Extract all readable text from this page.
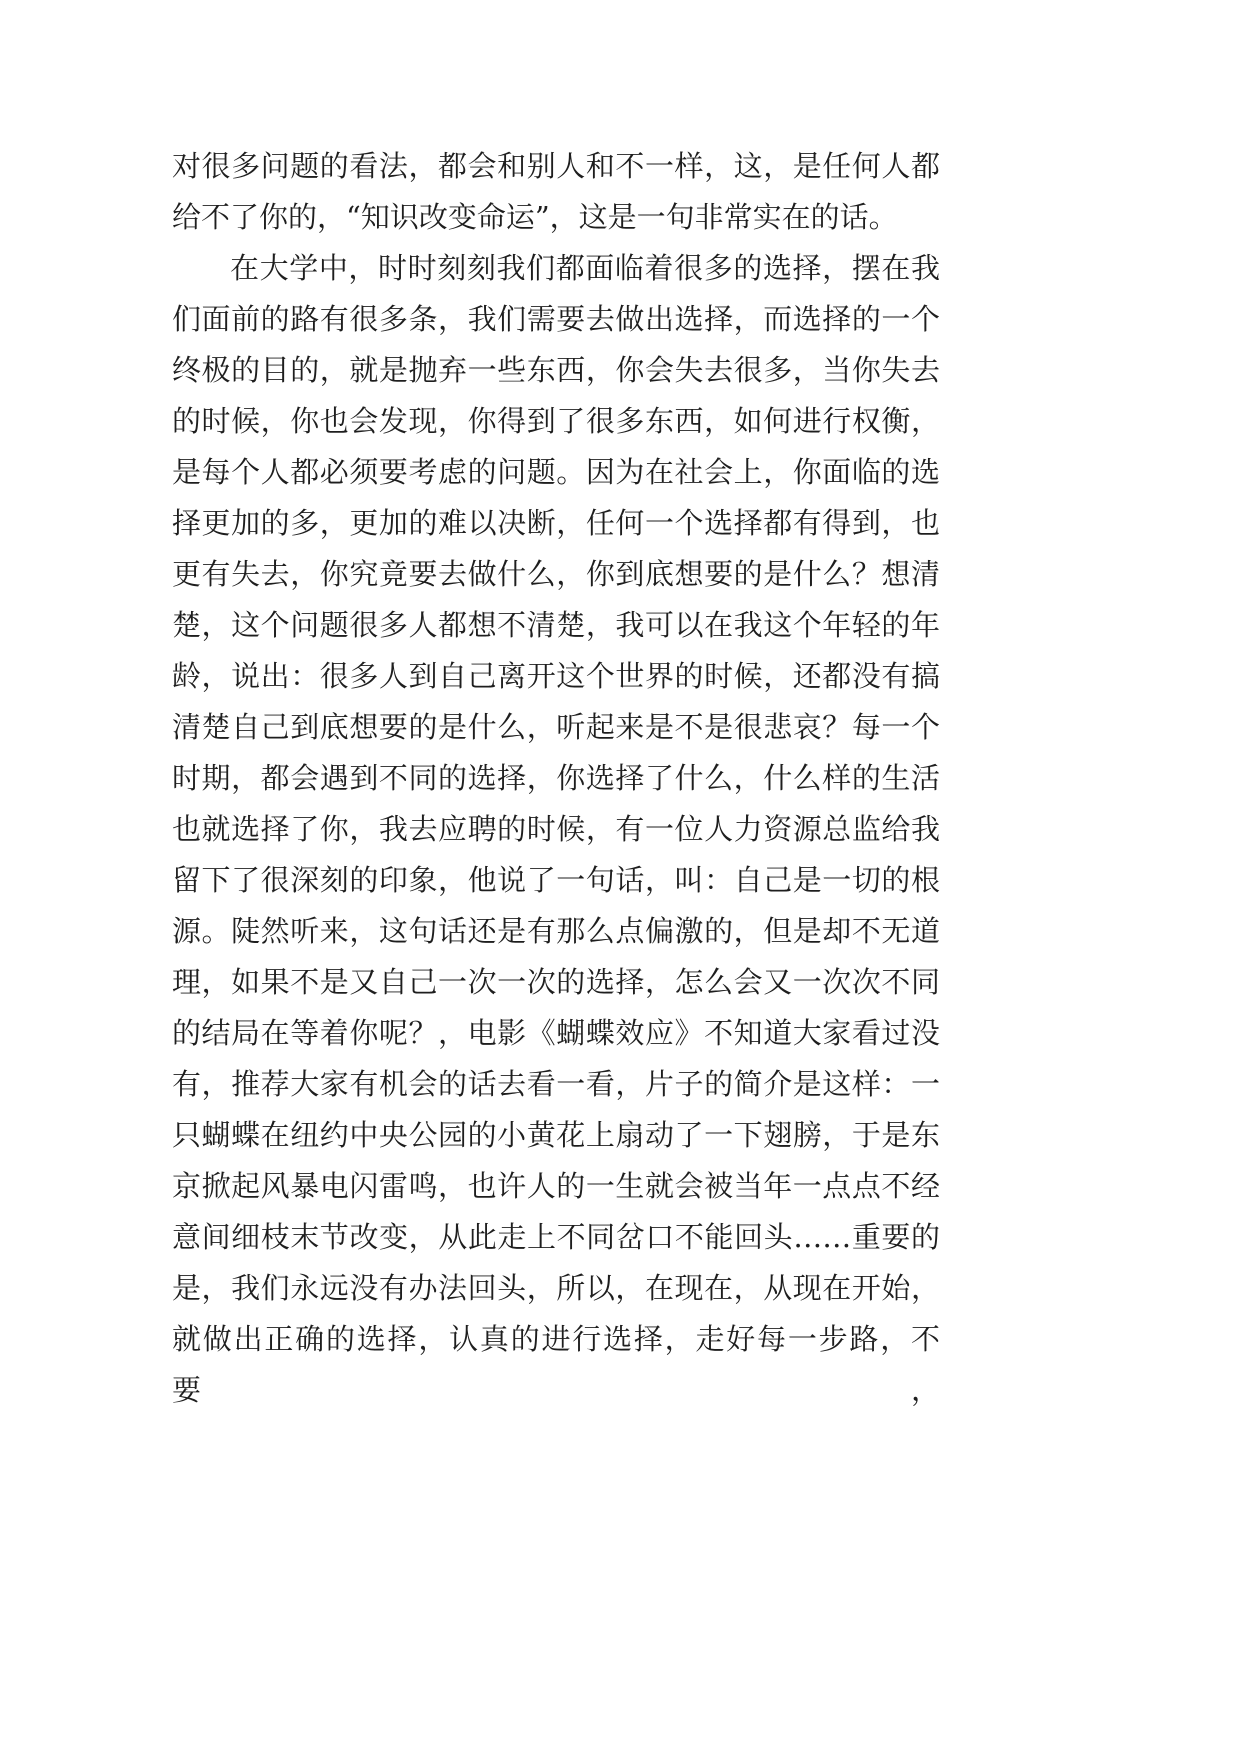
对很多问题的看法，都会和别人和不一样，这，是任何人都
给不了你的，“知识改变命运”，这是一句非常实在的话。
在大学中，时时刻刻我们都面临着很多的选择，摆在我
们面前的路有很多条，我们需要去做出选择，而选择的一个
终极的目的，就是抛弃一些东西，你会失去很多，当你失去
的时候，你也会发现，你得到了很多东西，如何进行权衡，
是每个人都必须要考虑的问题。因为在社会上，你面临的选
择更加的多，更加的难以决断，任何一个选择都有得到，也
更有失去，你究竟要去做什么，你到底想要的是什么？想清
楚，这个问题很多人都想不清楚，我可以在我这个年轻的年
龄，说出：很多人到自己离开这个世界的时候，还都没有搞
清楚自己到底想要的是什么，听起来是不是很悲哀？每一个
时期，都会遇到不同的选择，你选择了什么，什么样的生活
也就选择了你，我去应聘的时候，有一位人力资源总监给我
留下了很深刻的印象，他说了一句话，叫：自己是一切的根
源。陡然听来，这句话还是有那么点偏激的，但是却不无道
理，如果不是又自己一次一次的选择，怎么会又一次次不同
的结局在等着你呢？，电影《蝴蝶效应》不知道大家看过没
有，推荐大家有机会的话去看一看，片子的简介是这样：一
只蝴蝶在纽约中央公园的小黄花上扇动了一下翅膀，于是东
京掀起风暴电闪雷鸣，也许人的一生就会被当年一点点不经
意间细枝末节改变，从此走上不同岔口不能回头……重要的
是，我们永远没有办法回头，所以，在现在，从现在开始，
就做出正确的选择，认真的进行选择，走好每一步路，不要，
